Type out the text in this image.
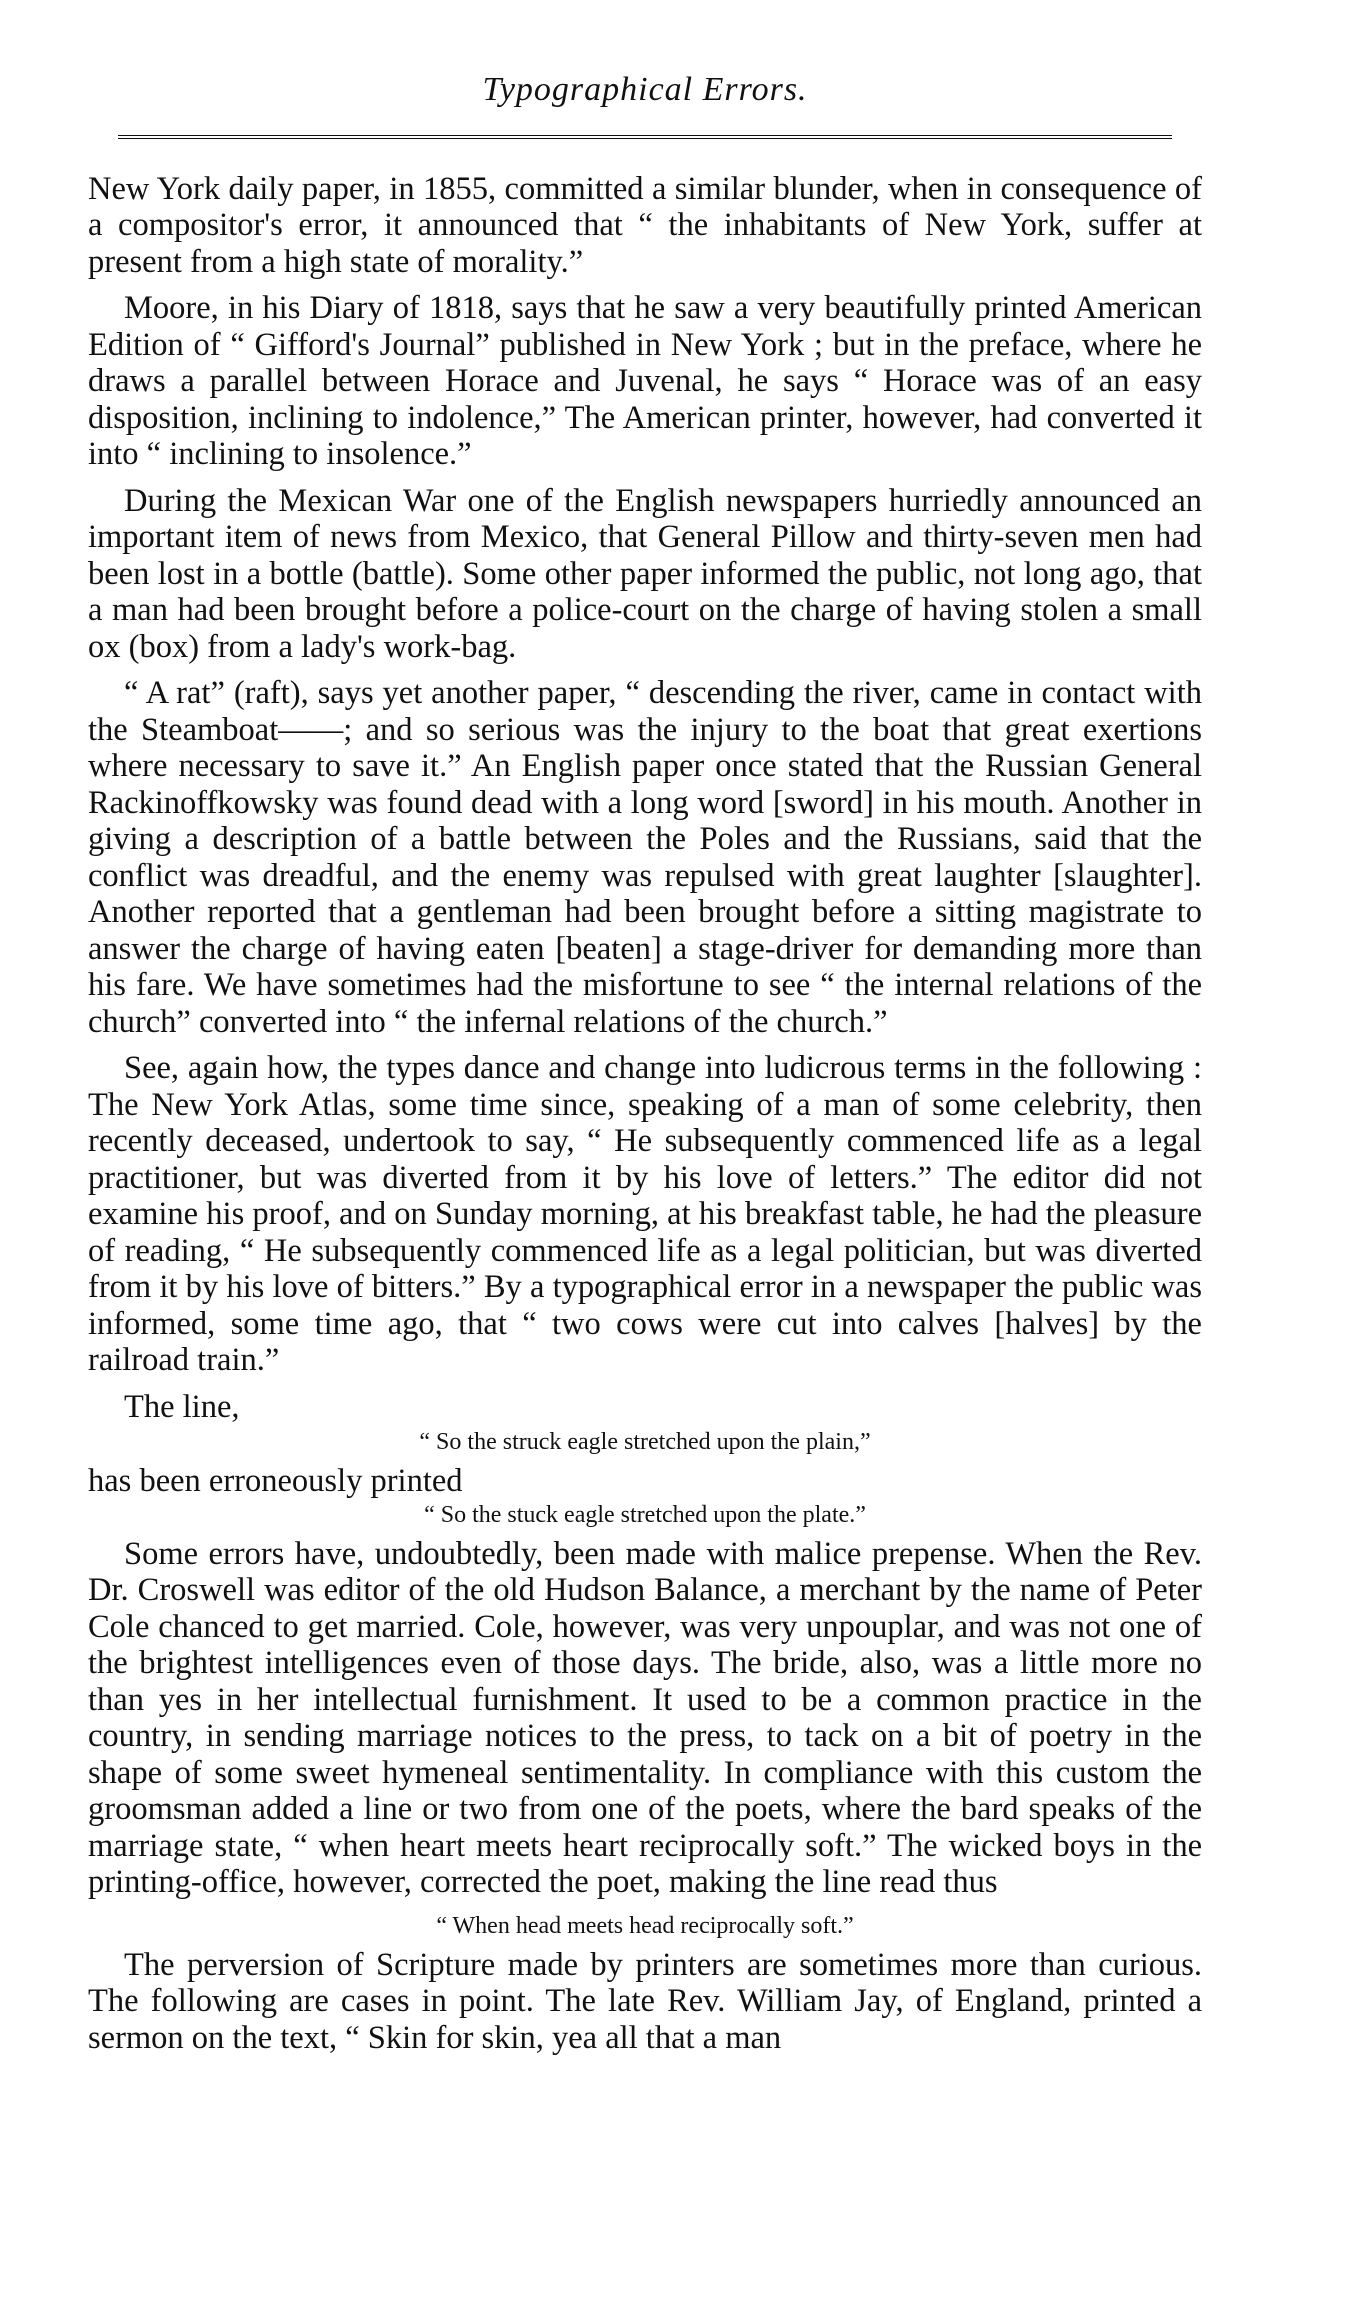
Typographical Errors.

New York daily paper, in 1855, committed a similar blunder, when in consequence of a compositor's error, it announced that “ the inhabitants of New York, suffer at present from a high state of morality.”

Moore, in his Diary of 1818, says that he saw a very beautifully printed American Edition of “ Gifford's Journal” published in New York ; but in the preface, where he draws a parallel between Horace and Juvenal, he says “ Horace was of an easy disposition, inclining to indolence,” The American printer, however, had converted it into “ inclining to insolence.”

During the Mexican War one of the English newspapers hurriedly announced an important item of news from Mexico, that General Pillow and thirty-seven men had been lost in a bottle (battle). Some other paper informed the public, not long ago, that a man had been brought before a police-court on the charge of having stolen a small ox (box) from a lady's work-bag.

“ A rat” (raft), says yet another paper, “ descending the river, came in contact with the Steamboat——; and so serious was the injury to the boat that great exertions where necessary to save it.” An English paper once stated that the Russian General Rackinoffkowsky was found dead with a long word [sword] in his mouth. Another in giving a description of a battle between the Poles and the Russians, said that the conflict was dreadful, and the enemy was repulsed with great laughter [slaughter]. Another reported that a gentleman had been brought before a sitting magistrate to answer the charge of having eaten [beaten] a stage-driver for demanding more than his fare. We have sometimes had the misfortune to see “ the internal relations of the church” converted into “ the infernal relations of the church.”

See, again how, the types dance and change into ludicrous terms in the following : The New York Atlas, some time since, speaking of a man of some celebrity, then recently deceased, undertook to say, “ He subsequently commenced life as a legal practitioner, but was diverted from it by his love of letters.” The editor did not examine his proof, and on Sunday morning, at his breakfast table, he had the pleasure of reading, “ He subsequently commenced life as a legal politician, but was diverted from it by his love of bitters.” By a typographical error in a newspaper the public was informed, some time ago, that “ two cows were cut into calves [halves] by the railroad train.”

The line,

“ So the struck eagle stretched upon the plain,”

has been erroneously printed

“ So the stuck eagle stretched upon the plate.”

Some errors have, undoubtedly, been made with malice prepense. When the Rev. Dr. Croswell was editor of the old Hudson Balance, a merchant by the name of Peter Cole chanced to get married. Cole, however, was very unpouplar, and was not one of the brightest intelligences even of those days. The bride, also, was a little more no than yes in her intellectual furnishment. It used to be a common practice in the country, in sending marriage notices to the press, to tack on a bit of poetry in the shape of some sweet hymeneal sentimentality. In compliance with this custom the groomsman added a line or two from one of the poets, where the bard speaks of the marriage state, “ when heart meets heart reciprocally soft.” The wicked boys in the printing-office, however, corrected the poet, making the line read thus

“ When head meets head reciprocally soft.”

The perversion of Scripture made by printers are sometimes more than curious. The following are cases in point. The late Rev. William Jay, of England, printed a sermon on the text, “ Skin for skin, yea all that a man
